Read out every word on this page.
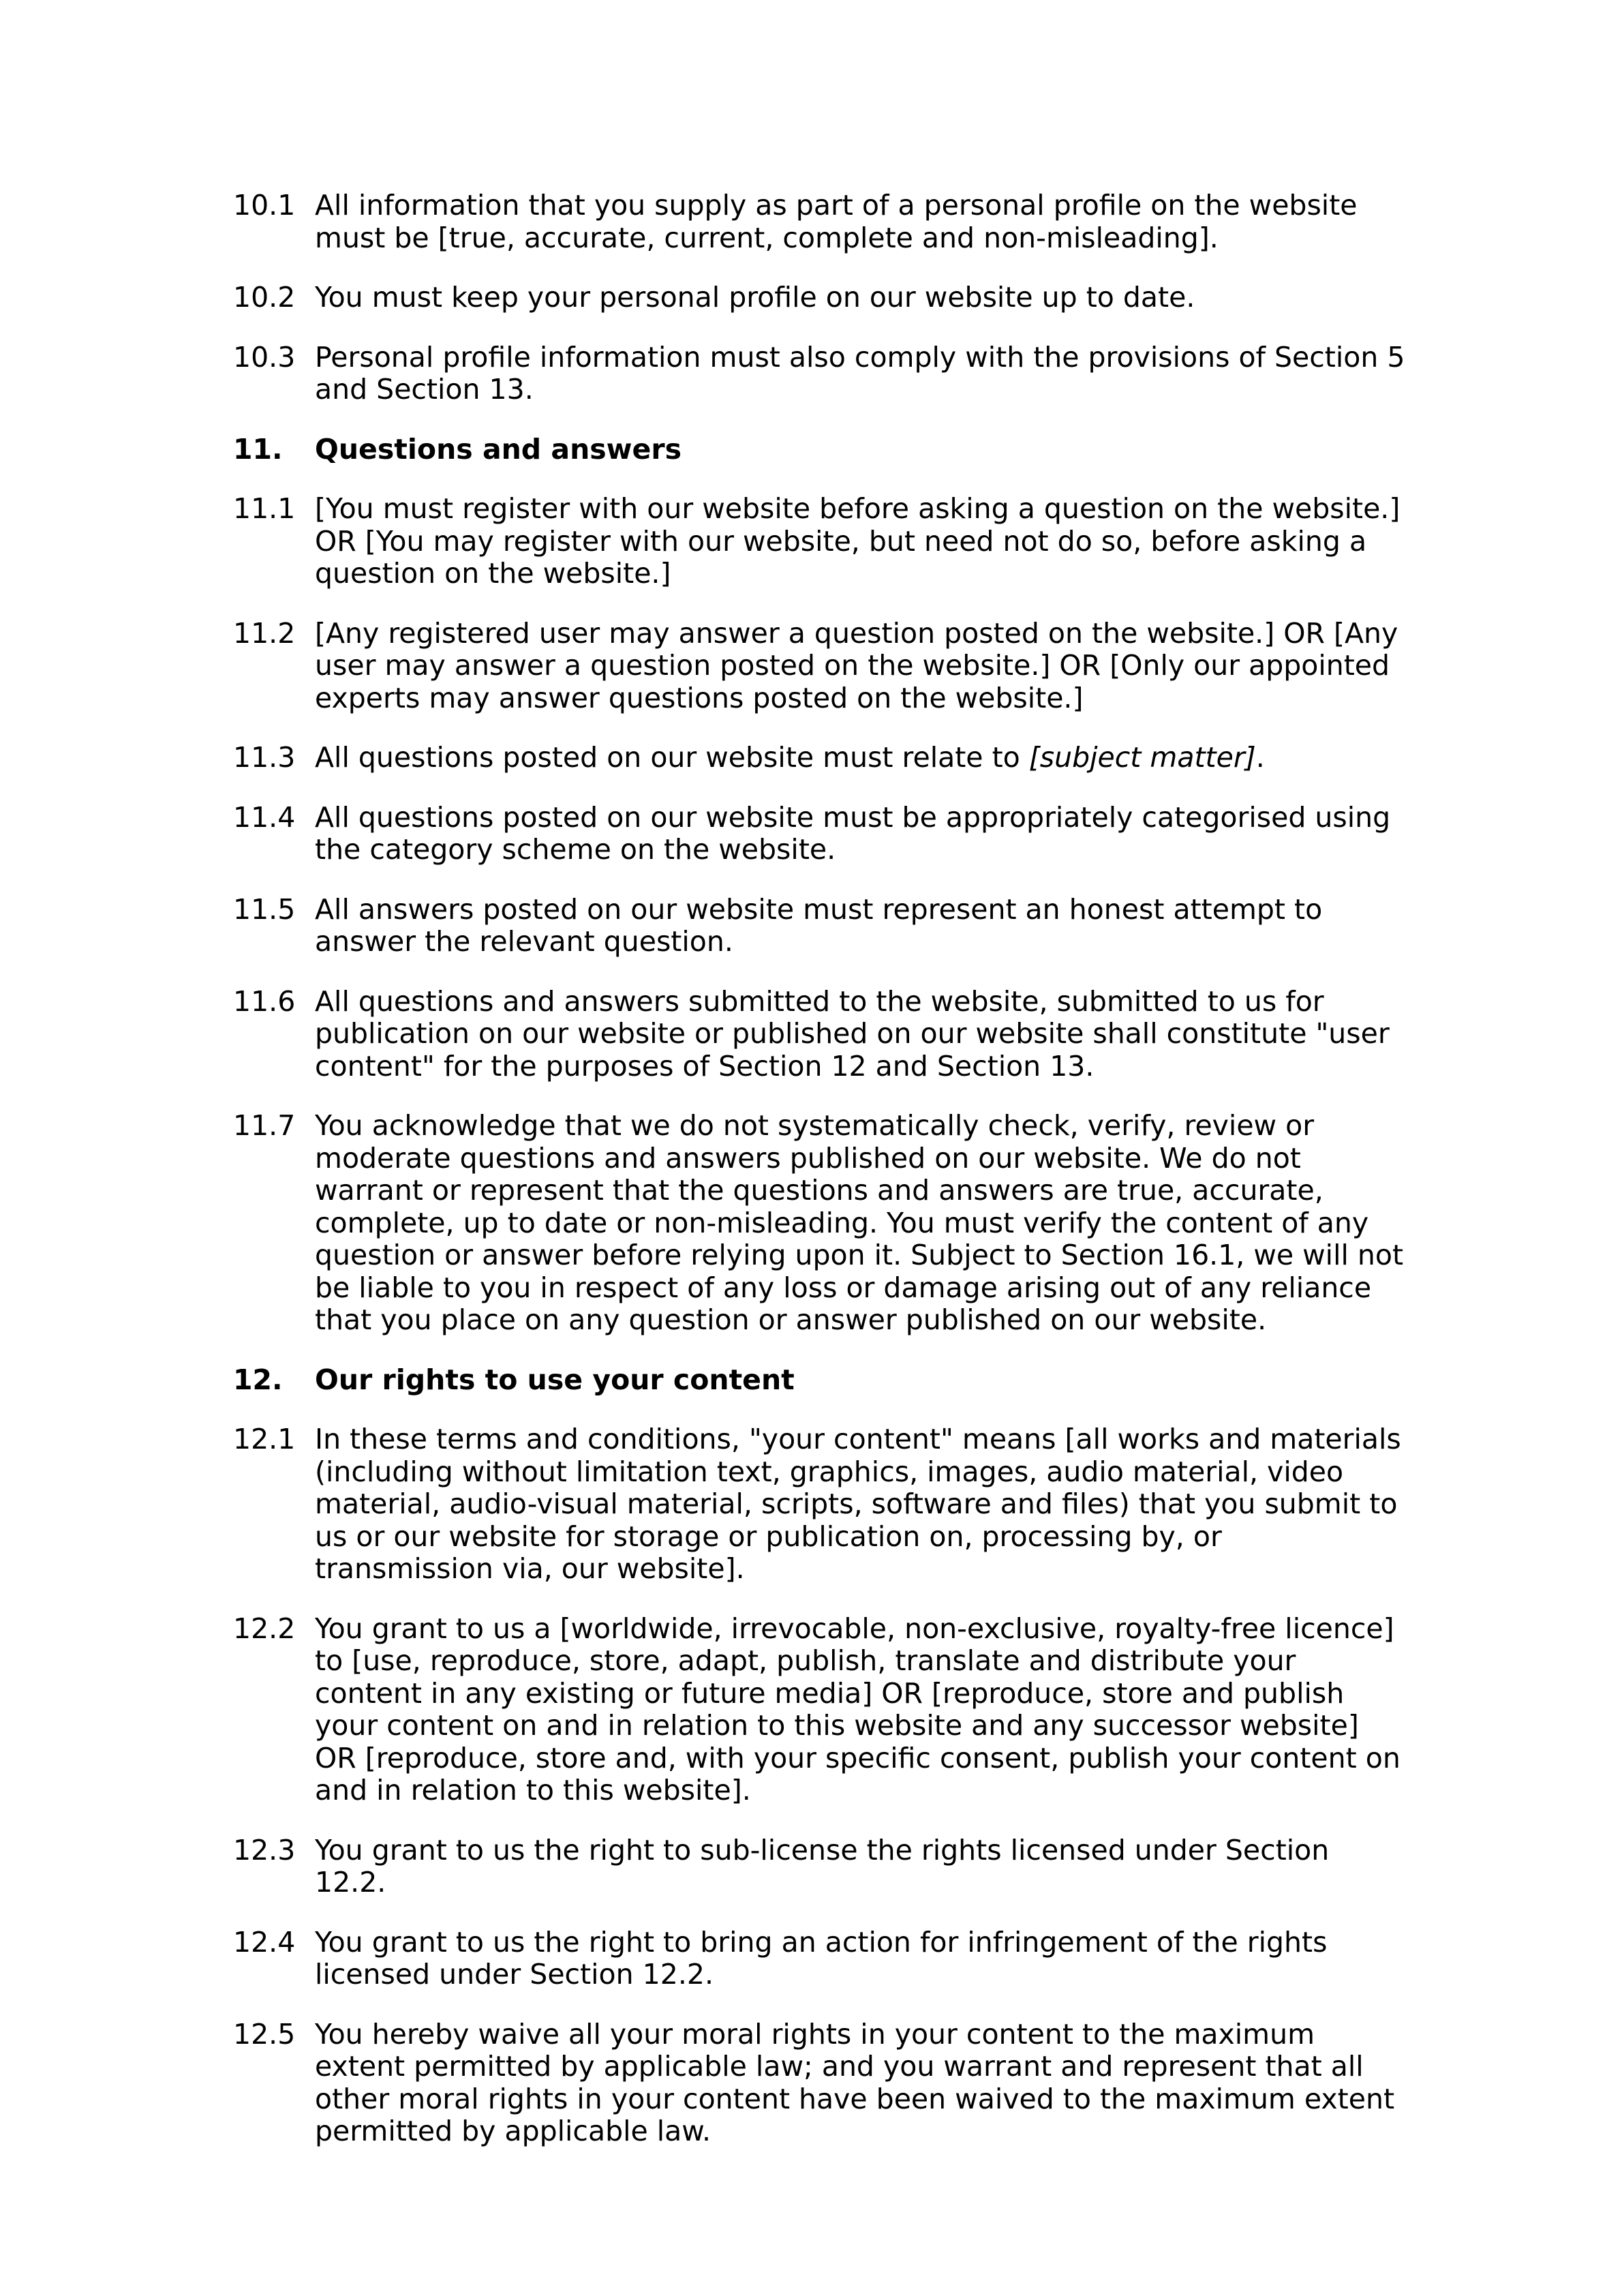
10.1 All information that you supply as part of a personal profile on the website must be [true, accurate, current, complete and non-misleading].
10.2 You must keep your personal profile on our website up to date.
10.3 Personal profile information must also comply with the provisions of Section 5 and Section 13.
11.	Questions and answers
11.1 [You must register with our website before asking a question on the website.] OR [You may register with our website, but need not do so, before asking a question on the website.]
11.2 [Any registered user may answer a question posted on the website.] OR [Any user may answer a question posted on the website.] OR [Only our appointed experts may answer questions posted on the website.]
11.3 All questions posted on our website must relate to [subject matter].
11.4 All questions posted on our website must be appropriately categorised using the category scheme on the website.
11.5 All answers posted on our website must represent an honest attempt to answer the relevant question.
11.6 All questions and answers submitted to the website, submitted to us for publication on our website or published on our website shall constitute "user content" for the purposes of Section 12 and Section 13.
11.7 You acknowledge that we do not systematically check, verify, review or moderate questions and answers published on our website. We do not warrant or represent that the questions and answers are true, accurate, complete, up to date or non-misleading. You must verify the content of any question or answer before relying upon it. Subject to Section 16.1, we will not be liable to you in respect of any loss or damage arising out of any reliance that you place on any question or answer published on our website.
12.	Our rights to use your content
12.1 In these terms and conditions, "your content" means [all works and materials (including without limitation text, graphics, images, audio material, video material, audio-visual material, scripts, software and files) that you submit to us or our website for storage or publication on, processing by, or transmission via, our website].
12.2 You grant to us a [worldwide, irrevocable, non-exclusive, royalty-free licence] to [use, reproduce, store, adapt, publish, translate and distribute your content in any existing or future media] OR [reproduce, store and publish your content on and in relation to this website and any successor website] OR [reproduce, store and, with your specific consent, publish your content on and in relation to this website].
12.3 You grant to us the right to sub-license the rights licensed under Section 12.2.
12.4 You grant to us the right to bring an action for infringement of the rights licensed under Section 12.2.
12.5 You hereby waive all your moral rights in your content to the maximum extent permitted by applicable law; and you warrant and represent that all other moral rights in your content have been waived to the maximum extent permitted by applicable law.
